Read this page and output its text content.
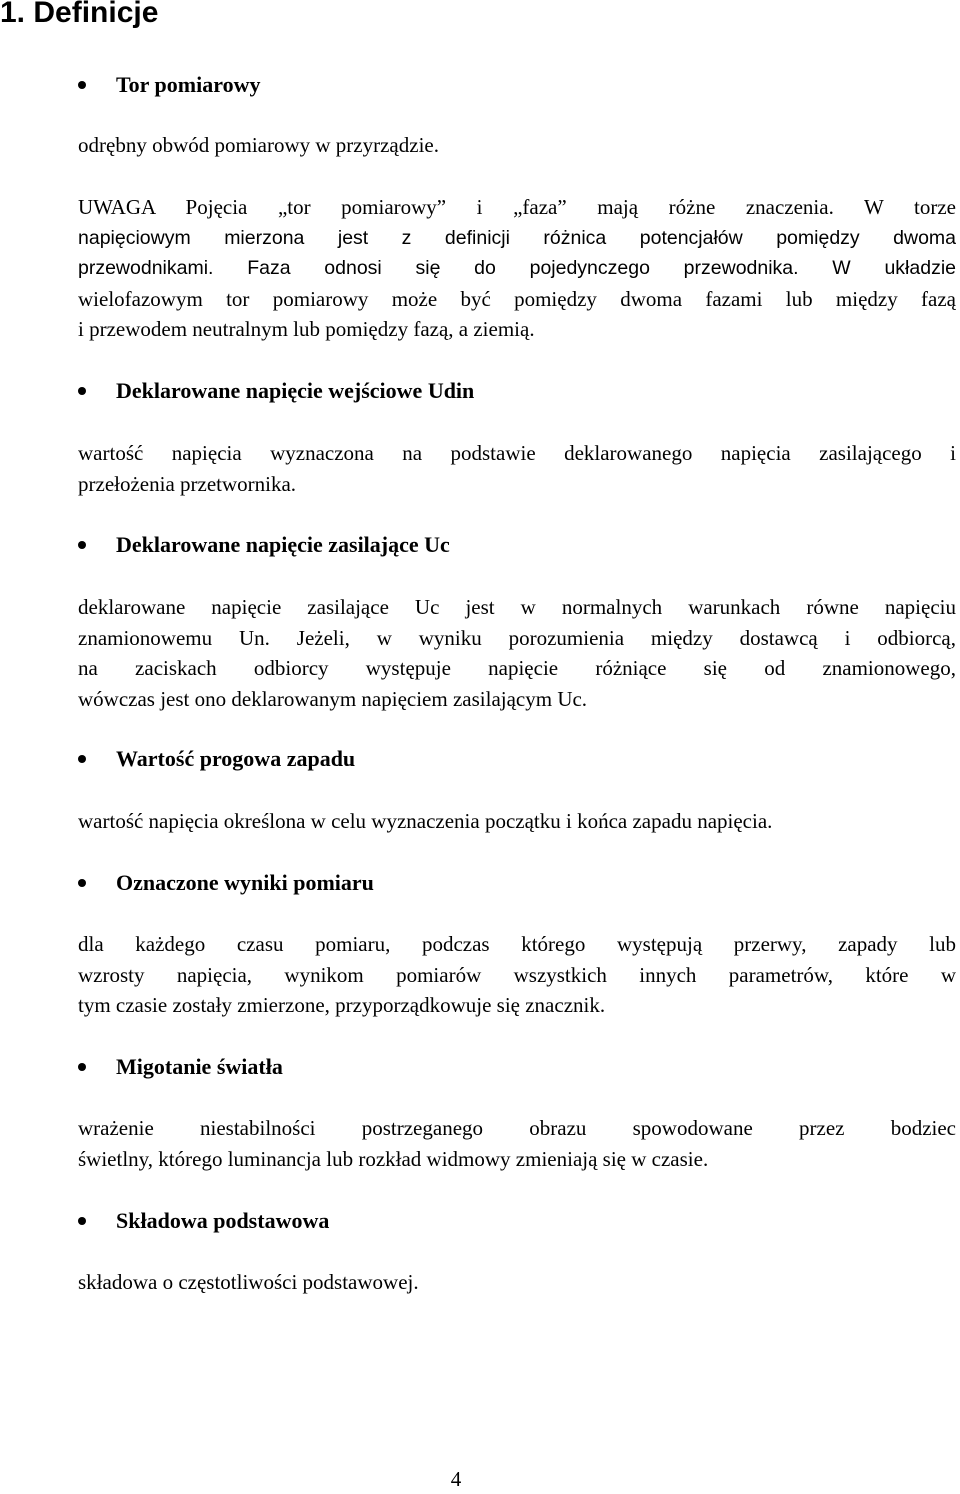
1. Definicje
Tor pomiarowy
odrębny obwód pomiarowy w przyrządzie.
UWAGA Pojęcia „tor pomiarowy” i „faza” mają różne znaczenia. W torze
napięciowym mierzona jest z definicji różnica potencjałów pomiędzy dwoma
przewodnikami. Faza odnosi się do pojedynczego przewodnika. W układzie
wielofazowym tor pomiarowy może być pomiędzy dwoma fazami lub między fazą
i przewodem neutralnym lub pomiędzy fazą, a ziemią.
Deklarowane napięcie wejściowe Udin
wartość napięcia wyznaczona na podstawie deklarowanego napięcia zasilającego i
przełożenia przetwornika.
Deklarowane napięcie zasilające Uc
deklarowane napięcie zasilające Uc jest w normalnych warunkach równe napięciu
znamionowemu Un. Jeżeli, w wyniku porozumienia między dostawcą i odbiorcą,
na zaciskach odbiorcy występuje napięcie różniące się od znamionowego,
wówczas jest ono deklarowanym napięciem zasilającym Uc.
Wartość progowa zapadu
wartość napięcia określona w celu wyznaczenia początku i końca zapadu napięcia.
Oznaczone wyniki pomiaru
dla każdego czasu pomiaru, podczas którego występują przerwy, zapady lub
wzrosty napięcia, wynikom pomiarów wszystkich innych parametrów, które w
tym czasie zostały zmierzone, przyporządkowuje się znacznik.
Migotanie światła
wrażenie niestabilności postrzeganego obrazu spowodowane przez bodziec
świetlny, którego luminancja lub rozkład widmowy zmieniają się w czasie.
Składowa podstawowa
składowa o częstotliwości podstawowej.
4
